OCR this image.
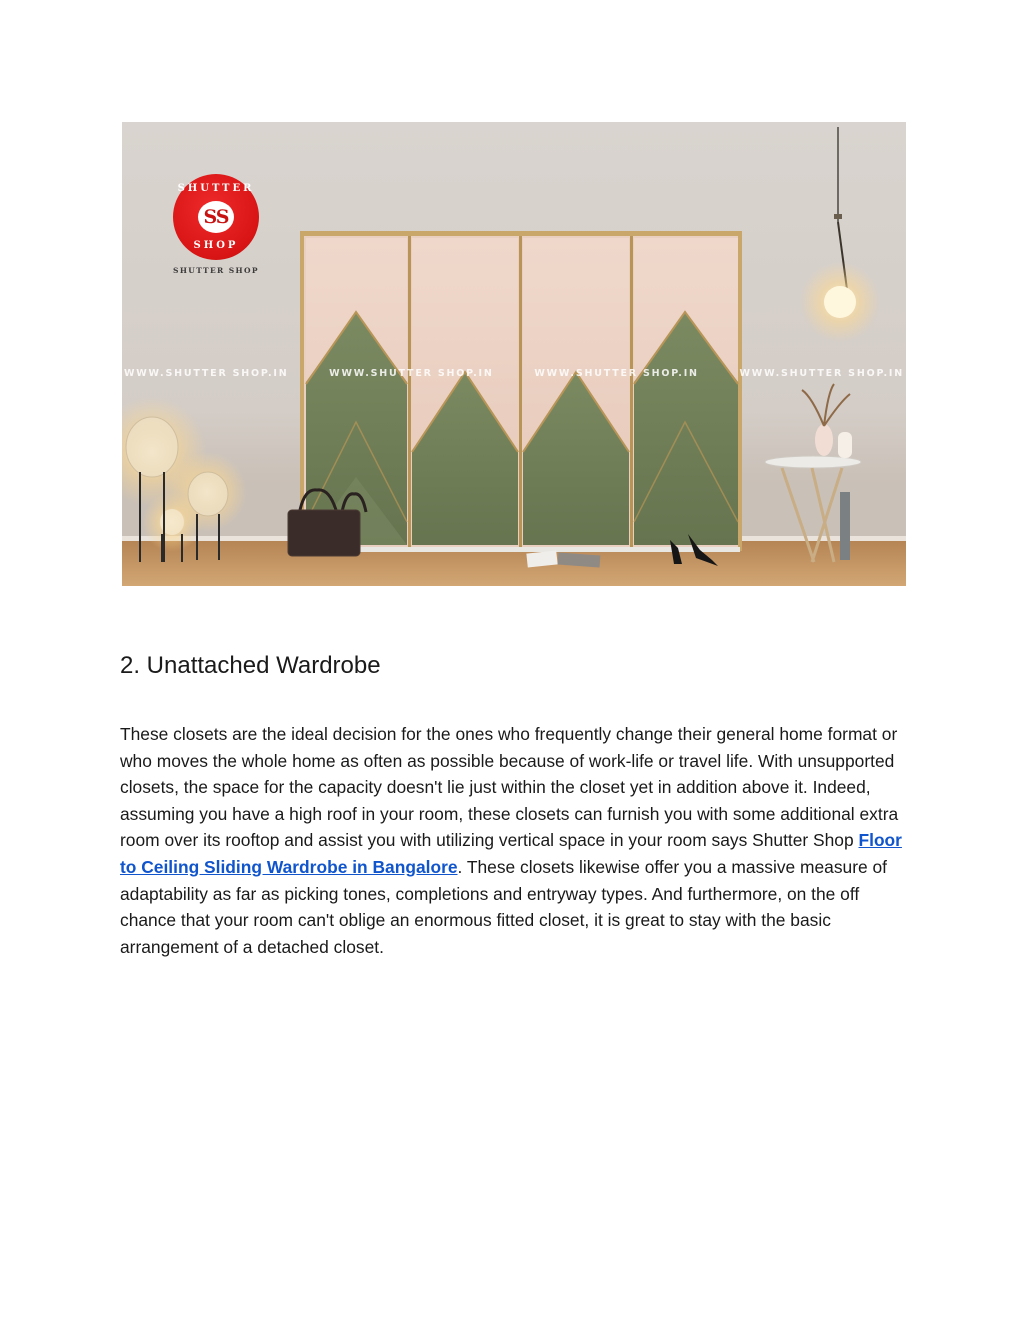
SHUTTER
SS
SHOP
SHUTTER SHOP
WWW.SHUTTER SHOP.IN	WWW.SHUTTER SHOP.IN	WWW.SHUTTER SHOP.IN	WWW.SHUTTER SHOP.IN
2. Unattached Wardrobe

These closets are the ideal decision for the ones who frequently change their general home format or who moves the whole home as often as possible because of work-life or travel life. With unsupported closets, the space for the capacity doesn't lie just within the closet yet in addition above it. Indeed, assuming you have a high roof in your room, these closets can furnish you with some additional extra room over its rooftop and assist you with utilizing vertical space in your room says Shutter Shop Floor to Ceiling Sliding Wardrobe in Bangalore. These closets likewise offer you a massive measure of adaptability as far as picking tones, completions and entryway types. And furthermore, on the off chance that your room can't oblige an enormous fitted closet, it is great to stay with the basic arrangement of a detached closet.
